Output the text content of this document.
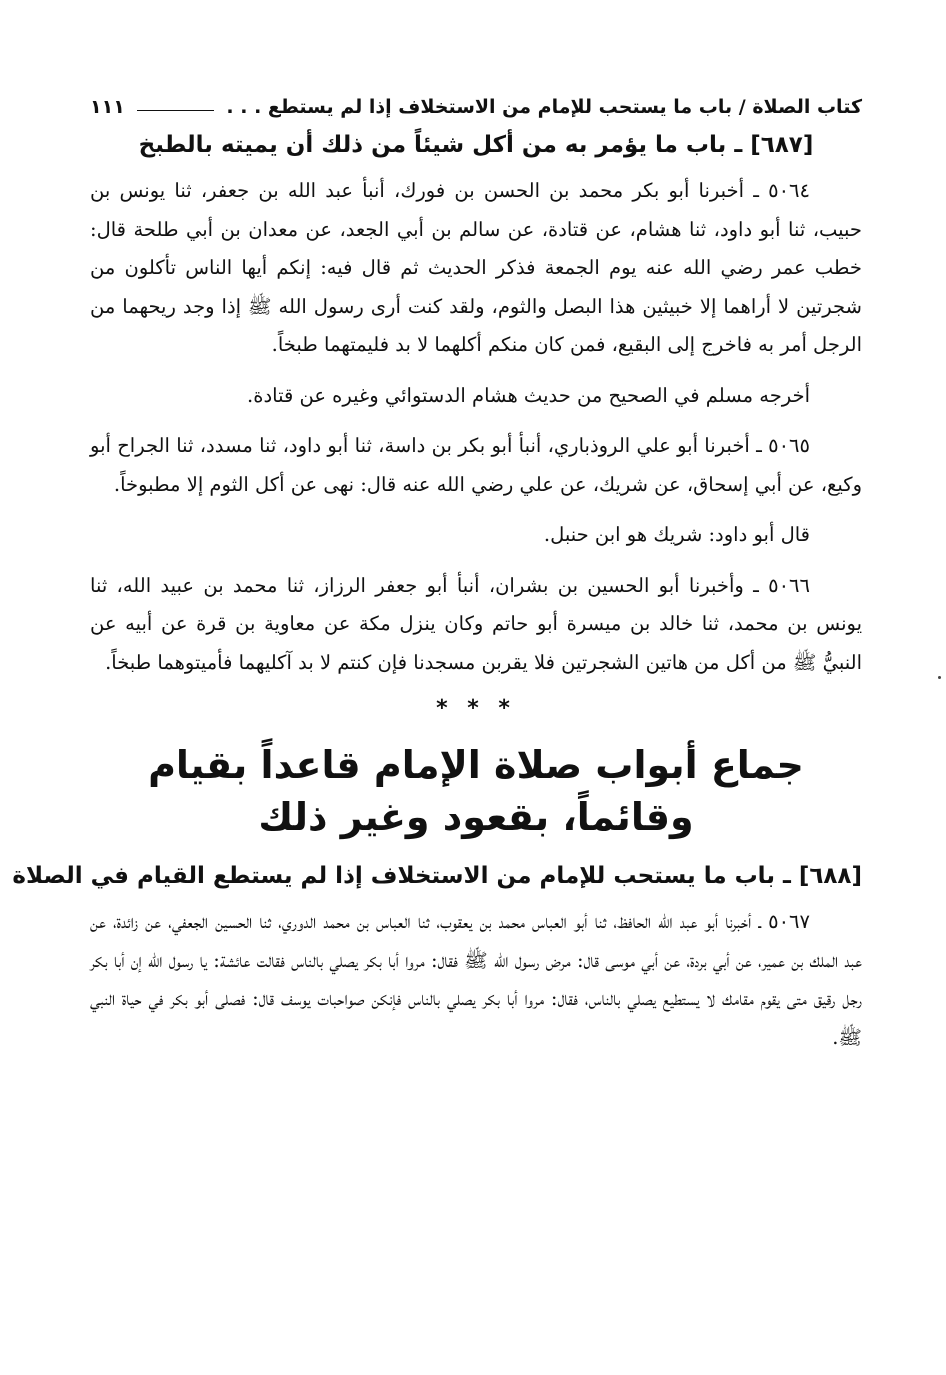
كتاب الصلاة / باب ما يستحب للإمام من الاستخلاف إذا لم يستطع . . .
١١١
[٦٨٧] ـ باب ما يؤمر به من أكل شيئاً من ذلك أن يميته بالطبخ

٥٠٦٤ ـ أخبرنا أبو بكر محمد بن الحسن بن فورك، أنبأ عبد الله بن جعفر، ثنا يونس بن حبيب، ثنا أبو داود، ثنا هشام، عن قتادة، عن سالم بن أبي الجعد، عن معدان بن أبي طلحة قال: خطب عمر رضي الله عنه يوم الجمعة فذكر الحديث ثم قال فيه: إنكم أيها الناس تأكلون من شجرتين لا أراهما إلا خبيثين هذا البصل والثوم، ولقد كنت أرى رسول الله ﷺ إذا وجد ريحهما من الرجل أمر به فاخرج إلى البقيع، فمن كان منكم أكلهما لا بد فليمتهما طبخاً.

أخرجه مسلم في الصحيح من حديث هشام الدستوائي وغيره عن قتادة.

٥٠٦٥ ـ أخبرنا أبو علي الروذباري، أنبأ أبو بكر بن داسة، ثنا أبو داود، ثنا مسدد، ثنا الجراح أبو وكيع، عن أبي إسحاق، عن شريك، عن علي رضي الله عنه قال: نهى عن أكل الثوم إلا مطبوخاً.

قال أبو داود: شريك هو ابن حنبل.

٥٠٦٦ ـ وأخبرنا أبو الحسين بن بشران، أنبأ أبو جعفر الرزاز، ثنا محمد بن عبيد الله، ثنا يونس بن محمد، ثنا خالد بن ميسرة أبو حاتم وكان ينزل مكة عن معاوية بن قرة عن أبيه عن النبيُّ ﷺ من أكل من هاتين الشجرتين فلا يقربن مسجدنا فإن كنتم لا بد آكليهما فأميتوهما طبخاً.

* * *
جماع أبواب صلاة الإمام قاعداً بقيام وقائماً، بقعود وغير ذلك
[٦٨٨] ـ باب ما يستحب للإمام من الاستخلاف إذا لم يستطع القيام في الصلاة

٥٠٦٧ ـ أخبرنا أبو عبد الله الحافظ، ثنا أبو العباس محمد بن يعقوب، ثنا العباس بن محمد الدوري، ثنا الحسين الجعفي، عن زائدة، عن عبد الملك بن عمير، عن أبي بردة، عن أبي موسى قال: مرض رسول الله ﷺ فقال: مروا أبا بكر يصلي بالناس فقالت عائشة: يا رسول الله إن أبا بكر رجل رقيق متى يقوم مقامك لا يستطيع يصلي بالناس، فقال: مروا أبا بكر يصلي بالناس فإنكن صواحبات يوسف قال: فصلى أبو بكر في حياة النبي ﷺ.
